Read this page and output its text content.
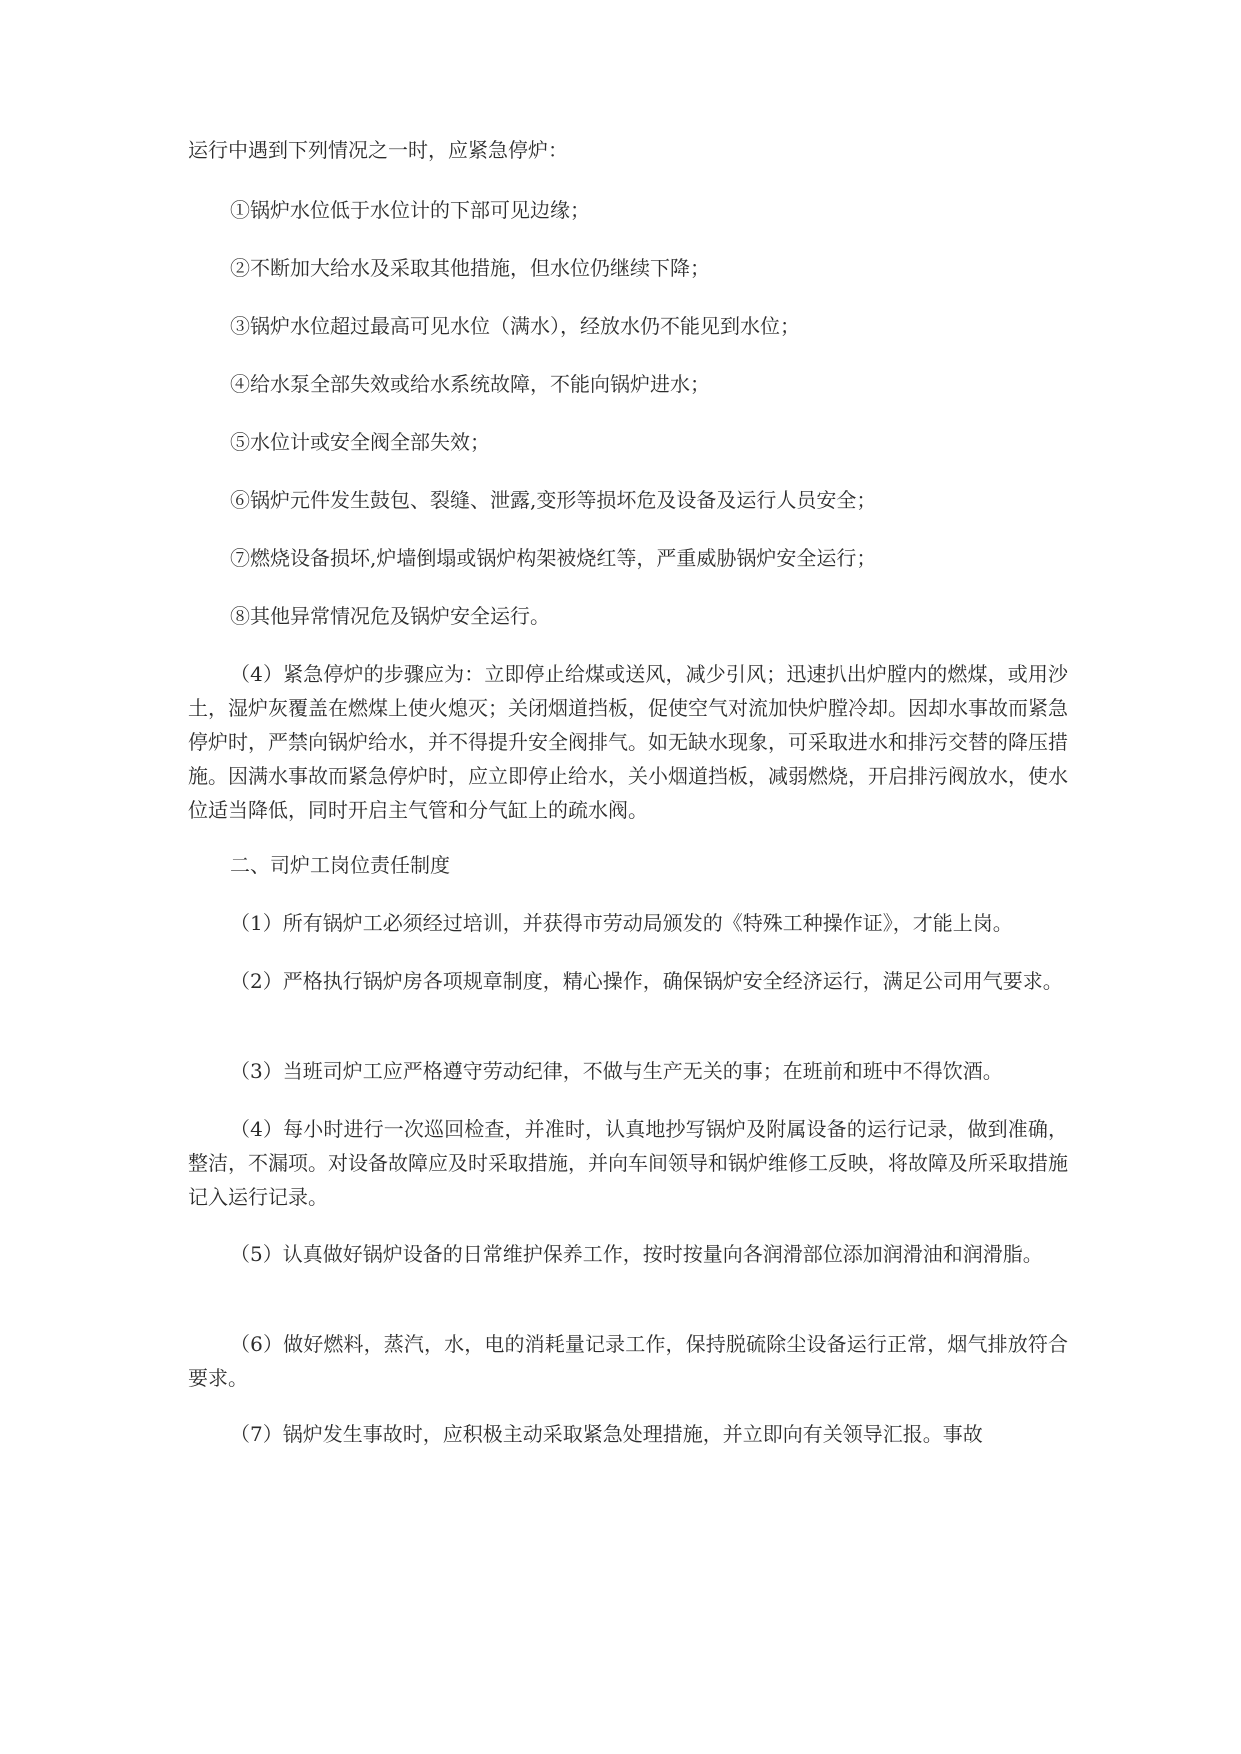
运行中遇到下列情况之一时，应紧急停炉：

①锅炉水位低于水位计的下部可见边缘；

②不断加大给水及采取其他措施，但水位仍继续下降；

③锅炉水位超过最高可见水位（满水），经放水仍不能见到水位；

④给水泵全部失效或给水系统故障，不能向锅炉进水；

⑤水位计或安全阀全部失效；

⑥锅炉元件发生鼓包、裂缝、泄露,变形等损坏危及设备及运行人员安全；

⑦燃烧设备损坏,炉墙倒塌或锅炉构架被烧红等，严重威胁锅炉安全运行；

⑧其他异常情况危及锅炉安全运行。

（4）紧急停炉的步骤应为：立即停止给煤或送风，减少引风；迅速扒出炉膛内的燃煤，或用沙土，湿炉灰覆盖在燃煤上使火熄灭；关闭烟道挡板，促使空气对流加快炉膛冷却。因却水事故而紧急停炉时，严禁向锅炉给水，并不得提升安全阀排气。如无缺水现象，可采取进水和排污交替的降压措施。因满水事故而紧急停炉时，应立即停止给水，关小烟道挡板，减弱燃烧，开启排污阀放水，使水位适当降低，同时开启主气管和分气缸上的疏水阀。

二、司炉工岗位责任制度

（1）所有锅炉工必须经过培训，并获得市劳动局颁发的《特殊工种操作证》，才能上岗。

（2）严格执行锅炉房各项规章制度，精心操作，确保锅炉安全经济运行，满足公司用气要求。

（3）当班司炉工应严格遵守劳动纪律，不做与生产无关的事；在班前和班中不得饮酒。

（4）每小时进行一次巡回检查，并准时，认真地抄写锅炉及附属设备的运行记录，做到准确，整洁，不漏项。对设备故障应及时采取措施，并向车间领导和锅炉维修工反映，将故障及所采取措施记入运行记录。

（5）认真做好锅炉设备的日常维护保养工作，按时按量向各润滑部位添加润滑油和润滑脂。

（6）做好燃料，蒸汽，水，电的消耗量记录工作，保持脱硫除尘设备运行正常，烟气排放符合要求。

（7）锅炉发生事故时，应积极主动采取紧急处理措施，并立即向有关领导汇报。事故
